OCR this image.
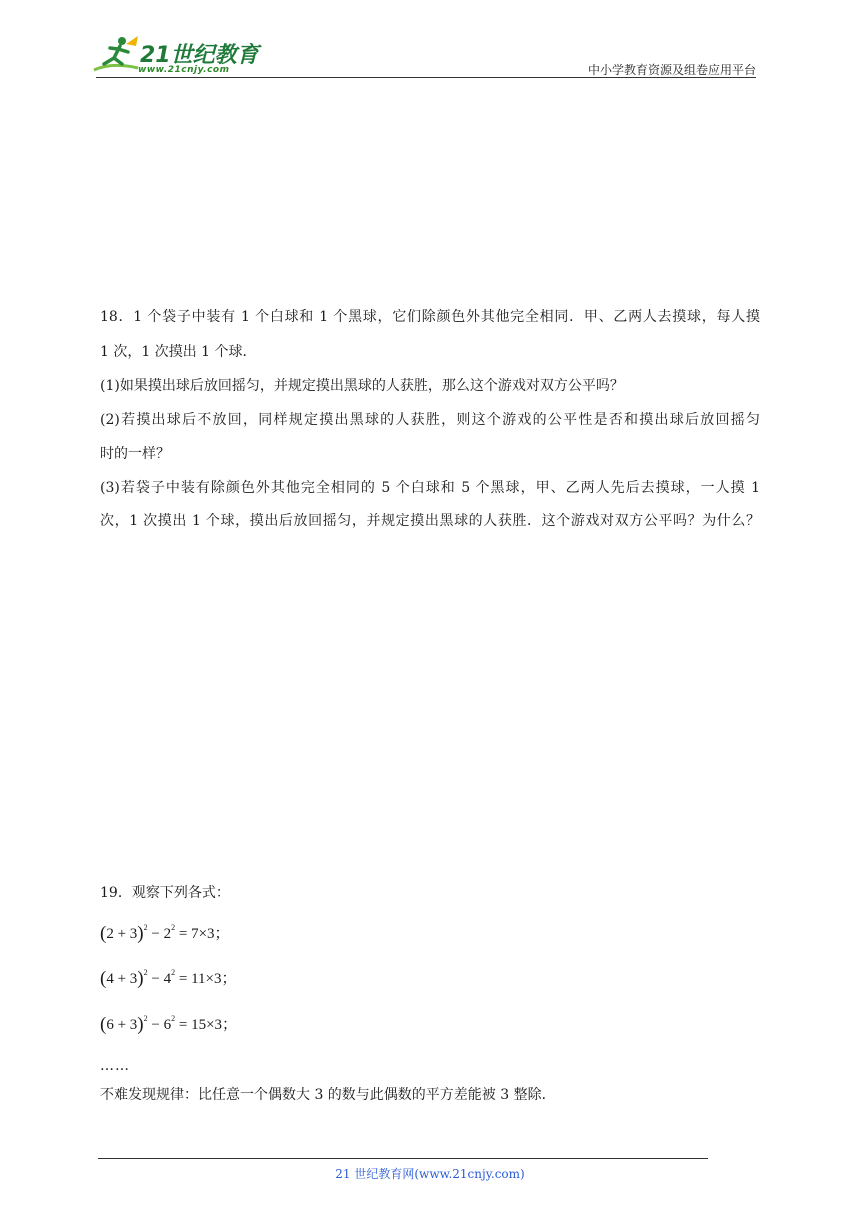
21世纪教育
www.21cnjy.com	中小学教育资源及组卷应用平台
18．1 个袋子中装有 1 个白球和 1 个黑球，它们除颜色外其他完全相同．甲、乙两人去摸球，每人摸
1 次，1 次摸出 1 个球．
(1)如果摸出球后放回摇匀，并规定摸出黑球的人获胜，那么这个游戏对双方公平吗？
(2)若摸出球后不放回，同样规定摸出黑球的人获胜，则这个游戏的公平性是否和摸出球后放回摇匀
时的一样？
(3)若袋子中装有除颜色外其他完全相同的 5 个白球和 5 个黑球，甲、乙两人先后去摸球，一人摸 1
次，1 次摸出 1 个球，摸出后放回摇匀，并规定摸出黑球的人获胜．这个游戏对双方公平吗？为什么？
19．观察下列各式：
$(2 + 3)^2 - 2^2 = 7\times 3$；
$(4 + 3)^2 - 4^2 = 11\times 3$；
$(6 + 3)^2 - 6^2 = 15\times 3$；
……
不难发现规律：比任意一个偶数大 3 的数与此偶数的平方差能被 3 整除．
21 世纪教育网(www.21cnjy.com)
